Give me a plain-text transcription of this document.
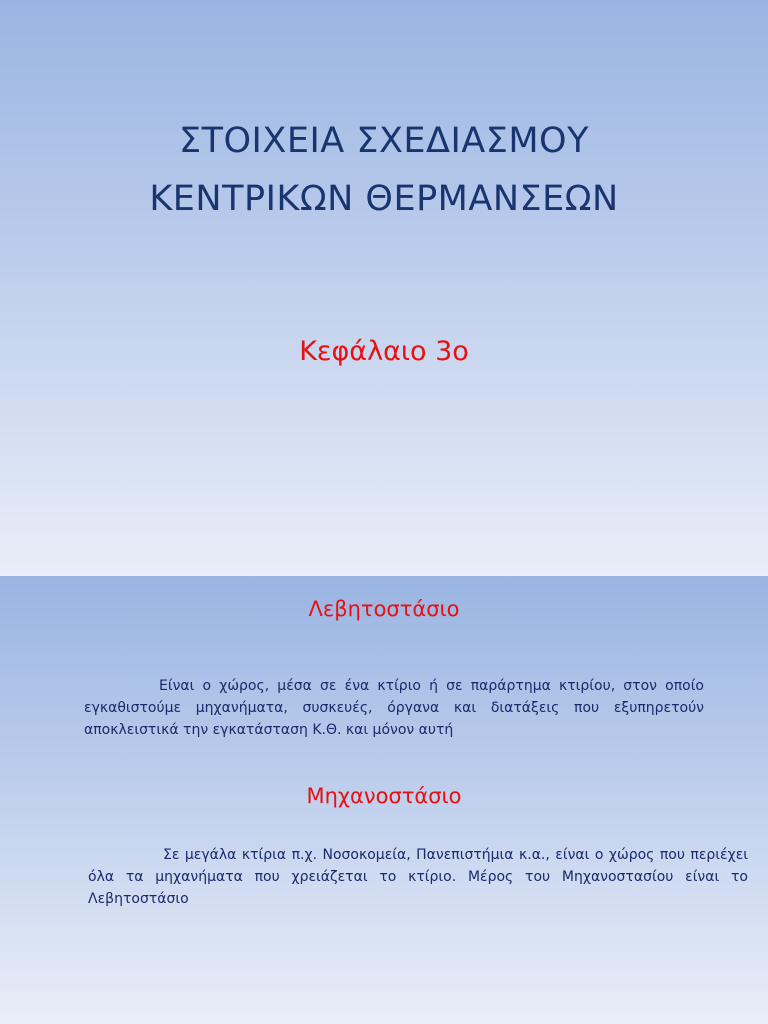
ΣΤΟΙΧΕΙΑ ΣΧΕΔΙΑΣΜΟΥ
ΚΕΝΤΡΙΚΩΝ ΘΕΡΜΑΝΣΕΩΝ
Κεφάλαιο 3ο
Λεβητοστάσιο
Είναι ο χώρος, μέσα σε ένα κτίριο ή σε παράρτημα κτιρίου, στον οποίο εγκαθιστούμε μηχανήματα, συσκευές, όργανα και διατάξεις που εξυπηρετούν αποκλειστικά την εγκατάσταση Κ.Θ. και μόνον αυτή
Μηχανοστάσιο
Σε μεγάλα κτίρια π.χ. Νοσοκομεία, Πανεπιστήμια κ.α., είναι ο χώρος που περιέχει όλα τα μηχανήματα που χρειάζεται το κτίριο. Μέρος του Μηχανοστασίου είναι το Λεβητοστάσιο
